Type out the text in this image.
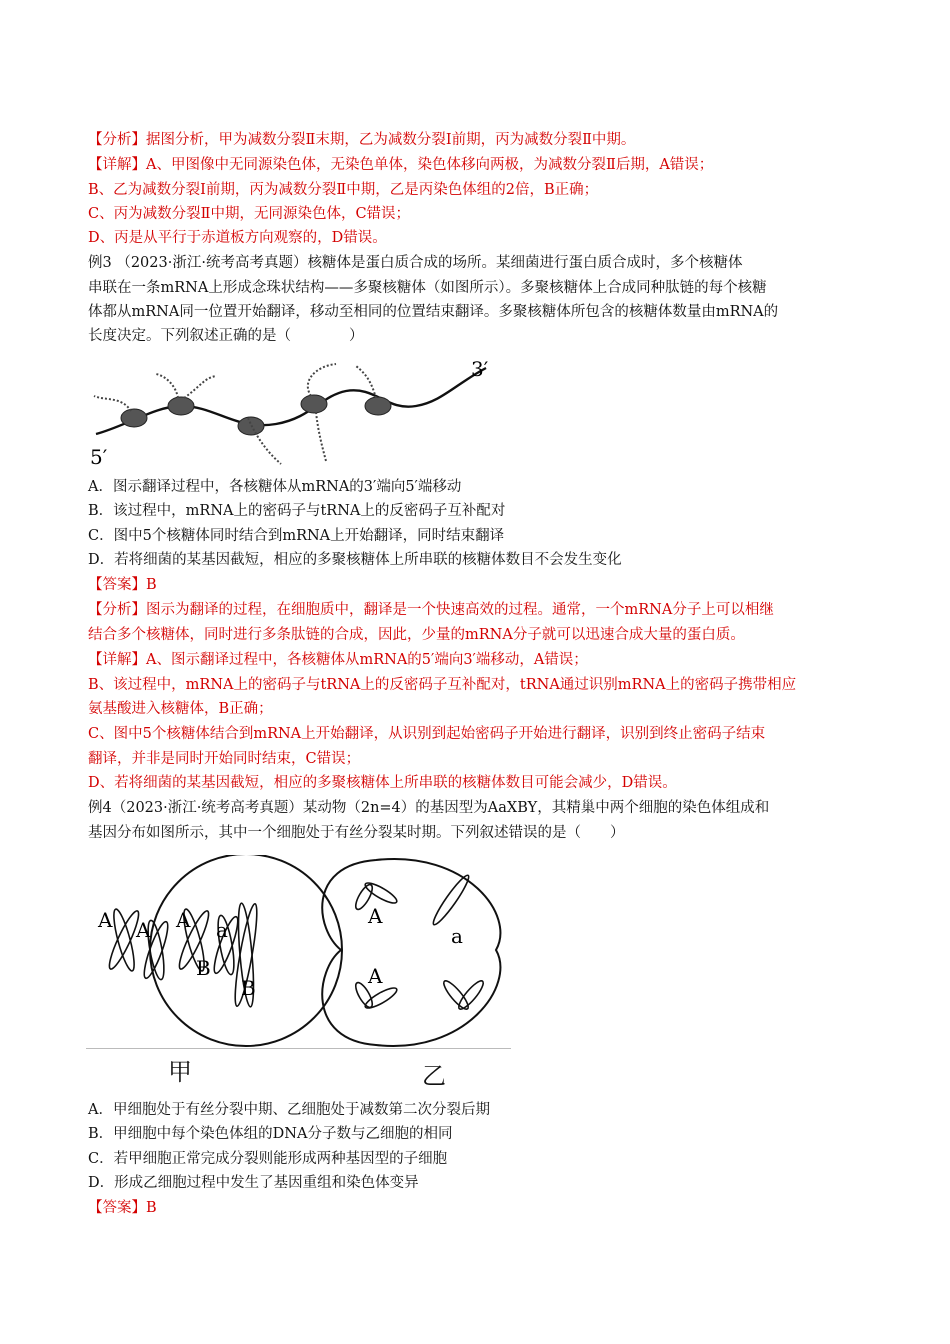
【分析】据图分析，甲为减数分裂Ⅱ末期，乙为减数分裂Ⅰ前期，丙为减数分裂Ⅱ中期。
【详解】A、甲图像中无同源染色体，无染色单体，染色体移向两极，为减数分裂Ⅱ后期，A错误；
B、乙为减数分裂Ⅰ前期，丙为减数分裂Ⅱ中期，乙是丙染色体组的2倍，B正确；
C、丙为减数分裂Ⅱ中期，无同源染色体，C错误；
D、丙是从平行于赤道板方向观察的，D错误。
例3 （2023·浙江·统考高考真题）核糖体是蛋白质合成的场所。某细菌进行蛋白质合成时，多个核糖体
串联在一条mRNA上形成念珠状结构——多聚核糖体（如图所示）。多聚核糖体上合成同种肽链的每个核糖
体都从mRNA同一位置开始翻译，移动至相同的位置结束翻译。多聚核糖体所包含的核糖体数量由mRNA的
长度决定。下列叙述正确的是（　　　　）
3′
5′
A．图示翻译过程中，各核糖体从mRNA的3′端向5′端移动
B．该过程中，mRNA上的密码子与tRNA上的反密码子互补配对
C．图中5个核糖体同时结合到mRNA上开始翻译，同时结束翻译
D．若将细菌的某基因截短，相应的多聚核糖体上所串联的核糖体数目不会发生变化
【答案】B
【分析】图示为翻译的过程，在细胞质中，翻译是一个快速高效的过程。通常，一个mRNA分子上可以相继
结合多个核糖体，同时进行多条肽链的合成，因此，少量的mRNA分子就可以迅速合成大量的蛋白质。
【详解】A、图示翻译过程中，各核糖体从mRNA的5′端向3′端移动，A错误；
B、该过程中，mRNA上的密码子与tRNA上的反密码子互补配对，tRNA通过识别mRNA上的密码子携带相应
氨基酸进入核糖体，B正确；
C、图中5个核糖体结合到mRNA上开始翻译，从识别到起始密码子开始进行翻译，识别到终止密码子结束
翻译，并非是同时开始同时结束，C错误；
D、若将细菌的某基因截短，相应的多聚核糖体上所串联的核糖体数目可能会减少，D错误。
例4（2023·浙江·统考高考真题）某动物（2n=4）的基因型为AaXBY，其精巢中两个细胞的染色体组成和
基因分布如图所示，其中一个细胞处于有丝分裂某时期。下列叙述错误的是（　　）
A A A a
B
B
A
a
A
甲	乙
A．甲细胞处于有丝分裂中期、乙细胞处于减数第二次分裂后期
B．甲细胞中每个染色体组的DNA分子数与乙细胞的相同
C．若甲细胞正常完成分裂则能形成两种基因型的子细胞
D．形成乙细胞过程中发生了基因重组和染色体变异
【答案】B
